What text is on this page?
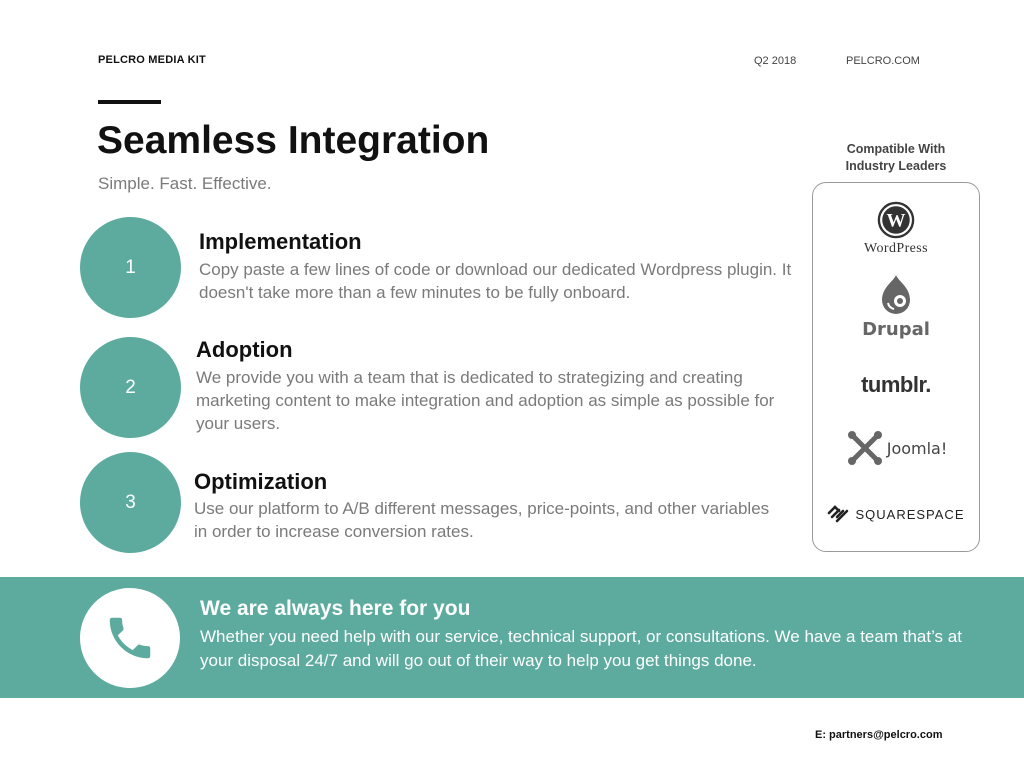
PELCRO MEDIA KIT	Q2 2018	PELCRO.COM
Seamless Integration
Simple. Fast. Effective.
1
Implementation
Copy paste a few lines of code or download our dedicated Wordpress plugin. It doesn't take more than a few minutes to be fully onboard.
2
Adoption
We provide you with a team that is dedicated to strategizing and creating marketing content to make integration and adoption as simple as possible for your users.
3
Optimization
Use our platform to A/B different messages, price-points, and other variables in order to increase conversion rates.
Compatible With Industry Leaders
W
WordPress
Drupal
tumblr.
Joomla!
SQUARESPACE
We are always here for you
Whether you need help with our service, technical support, or consultations. We have a team that’s at your disposal 24/7 and will go out of their way to help you get things done.
E: partners@pelcro.com
